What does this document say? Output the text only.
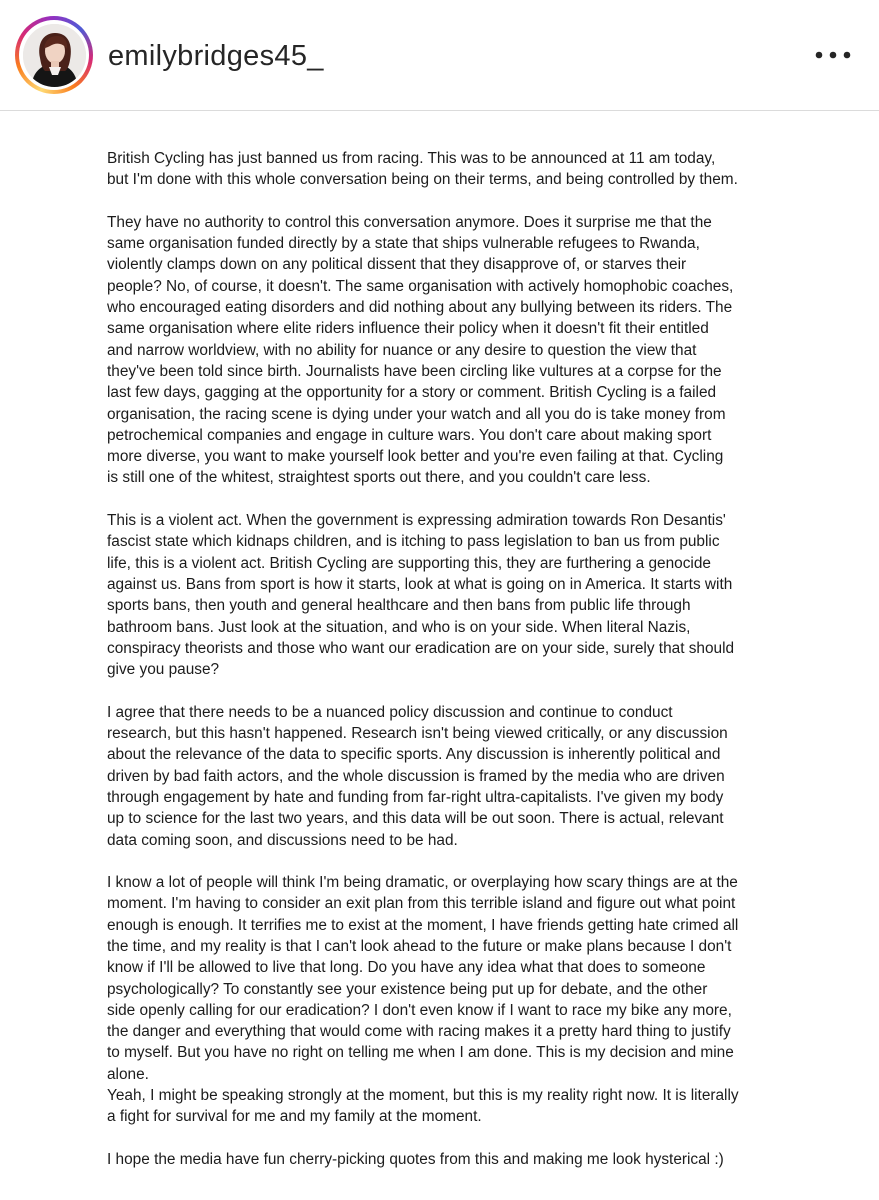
emilybridges45_

British Cycling has just banned us from racing. This was to be announced at 11 am today,
but I'm done with this whole conversation being on their terms, and being controlled by them.

They have no authority to control this conversation anymore. Does it surprise me that the
same organisation funded directly by a state that ships vulnerable refugees to Rwanda,
violently clamps down on any political dissent that they disapprove of, or starves their
people? No, of course, it doesn't. The same organisation with actively homophobic coaches,
who encouraged eating disorders and did nothing about any bullying between its riders. The
same organisation where elite riders influence their policy when it doesn't fit their entitled
and narrow worldview, with no ability for nuance or any desire to question the view that
they've been told since birth. Journalists have been circling like vultures at a corpse for the
last few days, gagging at the opportunity for a story or comment. British Cycling is a failed
organisation, the racing scene is dying under your watch and all you do is take money from
petrochemical companies and engage in culture wars. You don't care about making sport
more diverse, you want to make yourself look better and you're even failing at that. Cycling
is still one of the whitest, straightest sports out there, and you couldn't care less.

This is a violent act. When the government is expressing admiration towards Ron Desantis'
fascist state which kidnaps children, and is itching to pass legislation to ban us from public
life, this is a violent act. British Cycling are supporting this, they are furthering a genocide
against us. Bans from sport is how it starts, look at what is going on in America. It starts with
sports bans, then youth and general healthcare and then bans from public life through
bathroom bans. Just look at the situation, and who is on your side. When literal Nazis,
conspiracy theorists and those who want our eradication are on your side, surely that should
give you pause?

I agree that there needs to be a nuanced policy discussion and continue to conduct
research, but this hasn't happened. Research isn't being viewed critically, or any discussion
about the relevance of the data to specific sports. Any discussion is inherently political and
driven by bad faith actors, and the whole discussion is framed by the media who are driven
through engagement by hate and funding from far-right ultra-capitalists. I've given my body
up to science for the last two years, and this data will be out soon. There is actual, relevant
data coming soon, and discussions need to be had.

I know a lot of people will think I'm being dramatic, or overplaying how scary things are at the
moment. I'm having to consider an exit plan from this terrible island and figure out what point
enough is enough. It terrifies me to exist at the moment, I have friends getting hate crimed all
the time, and my reality is that I can't look ahead to the future or make plans because I don't
know if I'll be allowed to live that long. Do you have any idea what that does to someone
psychologically? To constantly see your existence being put up for debate, and the other
side openly calling for our eradication? I don't even know if I want to race my bike any more,
the danger and everything that would come with racing makes it a pretty hard thing to justify
to myself. But you have no right on telling me when I am done. This is my decision and mine
alone.

Yeah, I might be speaking strongly at the moment, but this is my reality right now. It is literally
a fight for survival for me and my family at the moment.

I hope the media have fun cherry-picking quotes from this and making me look hysterical :)
